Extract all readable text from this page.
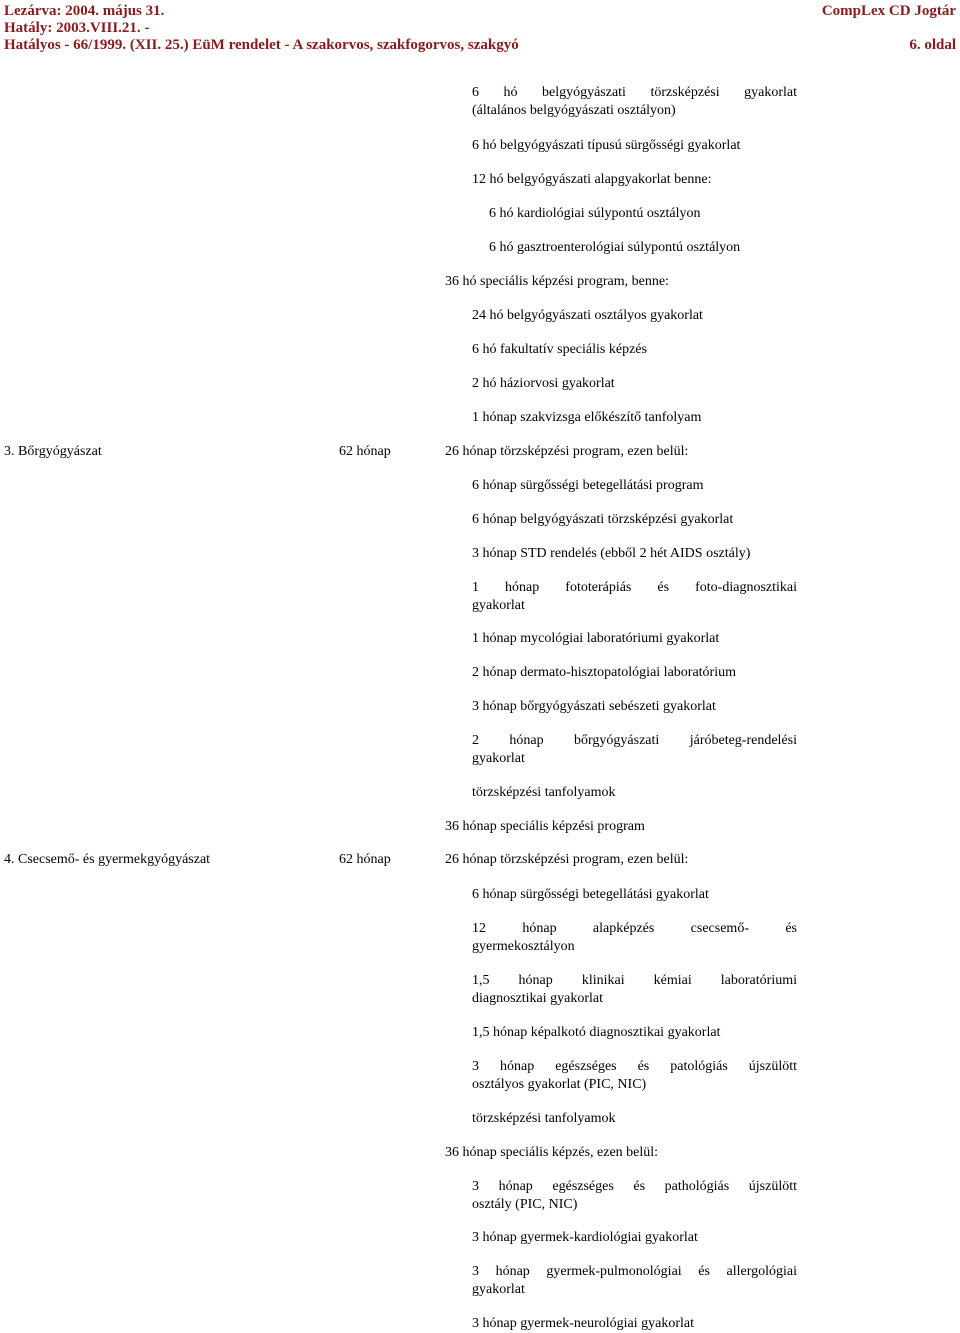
Lezárva: 2004. május 31.	CompLex CD Jogtár
Hatály: 2003.VIII.21. -
Hatályos - 66/1999. (XII. 25.) EüM rendelet - A szakorvos, szakfogorvos, szakgyó	6. oldal
6 hó belgyógyászati törzsképzési gyakorlat
(általános belgyógyászati osztályon)
6 hó belgyógyászati típusú sürgősségi gyakorlat
12 hó belgyógyászati alapgyakorlat benne:
6 hó kardiológiai súlypontú osztályon
6 hó gasztroenterológiai súlypontú osztályon
36 hó speciális képzési program, benne:
24 hó belgyógyászati osztályos gyakorlat
6 hó fakultatív speciális képzés
2 hó háziorvosi gyakorlat
1 hónap szakvizsga előkészítő tanfolyam
3. Bőrgyógyászat	62 hónap	26 hónap törzsképzési program, ezen belül:
6 hónap sürgősségi betegellátási program
6 hónap belgyógyászati törzsképzési gyakorlat
3 hónap STD rendelés (ebből 2 hét AIDS osztály)
1 hónap fototerápiás és foto-diagnosztikai
gyakorlat
1 hónap mycológiai laboratóriumi gyakorlat
2 hónap dermato-hisztopatológiai laboratórium
3 hónap bőrgyógyászati sebészeti gyakorlat
2 hónap bőrgyógyászati járóbeteg-rendelési
gyakorlat
törzsképzési tanfolyamok
36 hónap speciális képzési program
4. Csecsemő- és gyermekgyógyászat	62 hónap	26 hónap törzsképzési program, ezen belül:
6 hónap sürgősségi betegellátási gyakorlat
12 hónap alapképzés csecsemő- és
gyermekosztályon
1,5 hónap klinikai kémiai laboratóriumi
diagnosztikai gyakorlat
1,5 hónap képalkotó diagnosztikai gyakorlat
3 hónap egészséges és patológiás újszülött
osztályos gyakorlat (PIC, NIC)
törzsképzési tanfolyamok
36 hónap speciális képzés, ezen belül:
3 hónap egészséges és pathológiás újszülött
osztály (PIC, NIC)
3 hónap gyermek-kardiológiai gyakorlat
3 hónap gyermek-pulmonológiai és allergológiai
gyakorlat
3 hónap gyermek-neurológiai gyakorlat
